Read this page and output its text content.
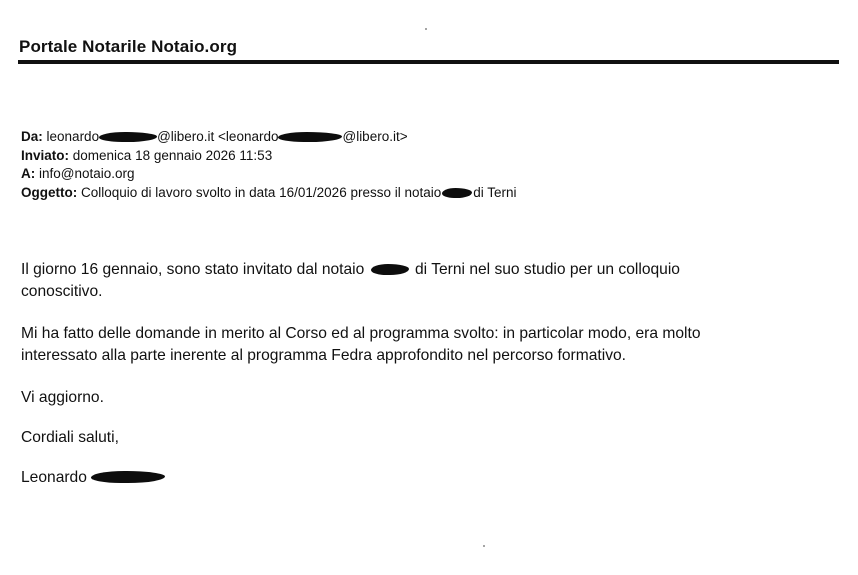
Portale Notarile Notaio.org
Da: leonardo	@libero.it <leonardo	@libero.it>
Inviato: domenica 18 gennaio 2026 11:53
A: info@notaio.org
Oggetto: Colloquio di lavoro svolto in data 16/01/2026 presso il notaio di Terni
Il giorno 16 gennaio, sono stato invitato dal notaio	di Terni nel suo studio per un colloquio
conoscitivo.
Mi ha fatto delle domande in merito al Corso ed al programma svolto: in particolar modo, era molto
interessato alla parte inerente al programma Fedra approfondito nel percorso formativo.
Vi aggiorno.
Cordiali saluti,
Leonardo
